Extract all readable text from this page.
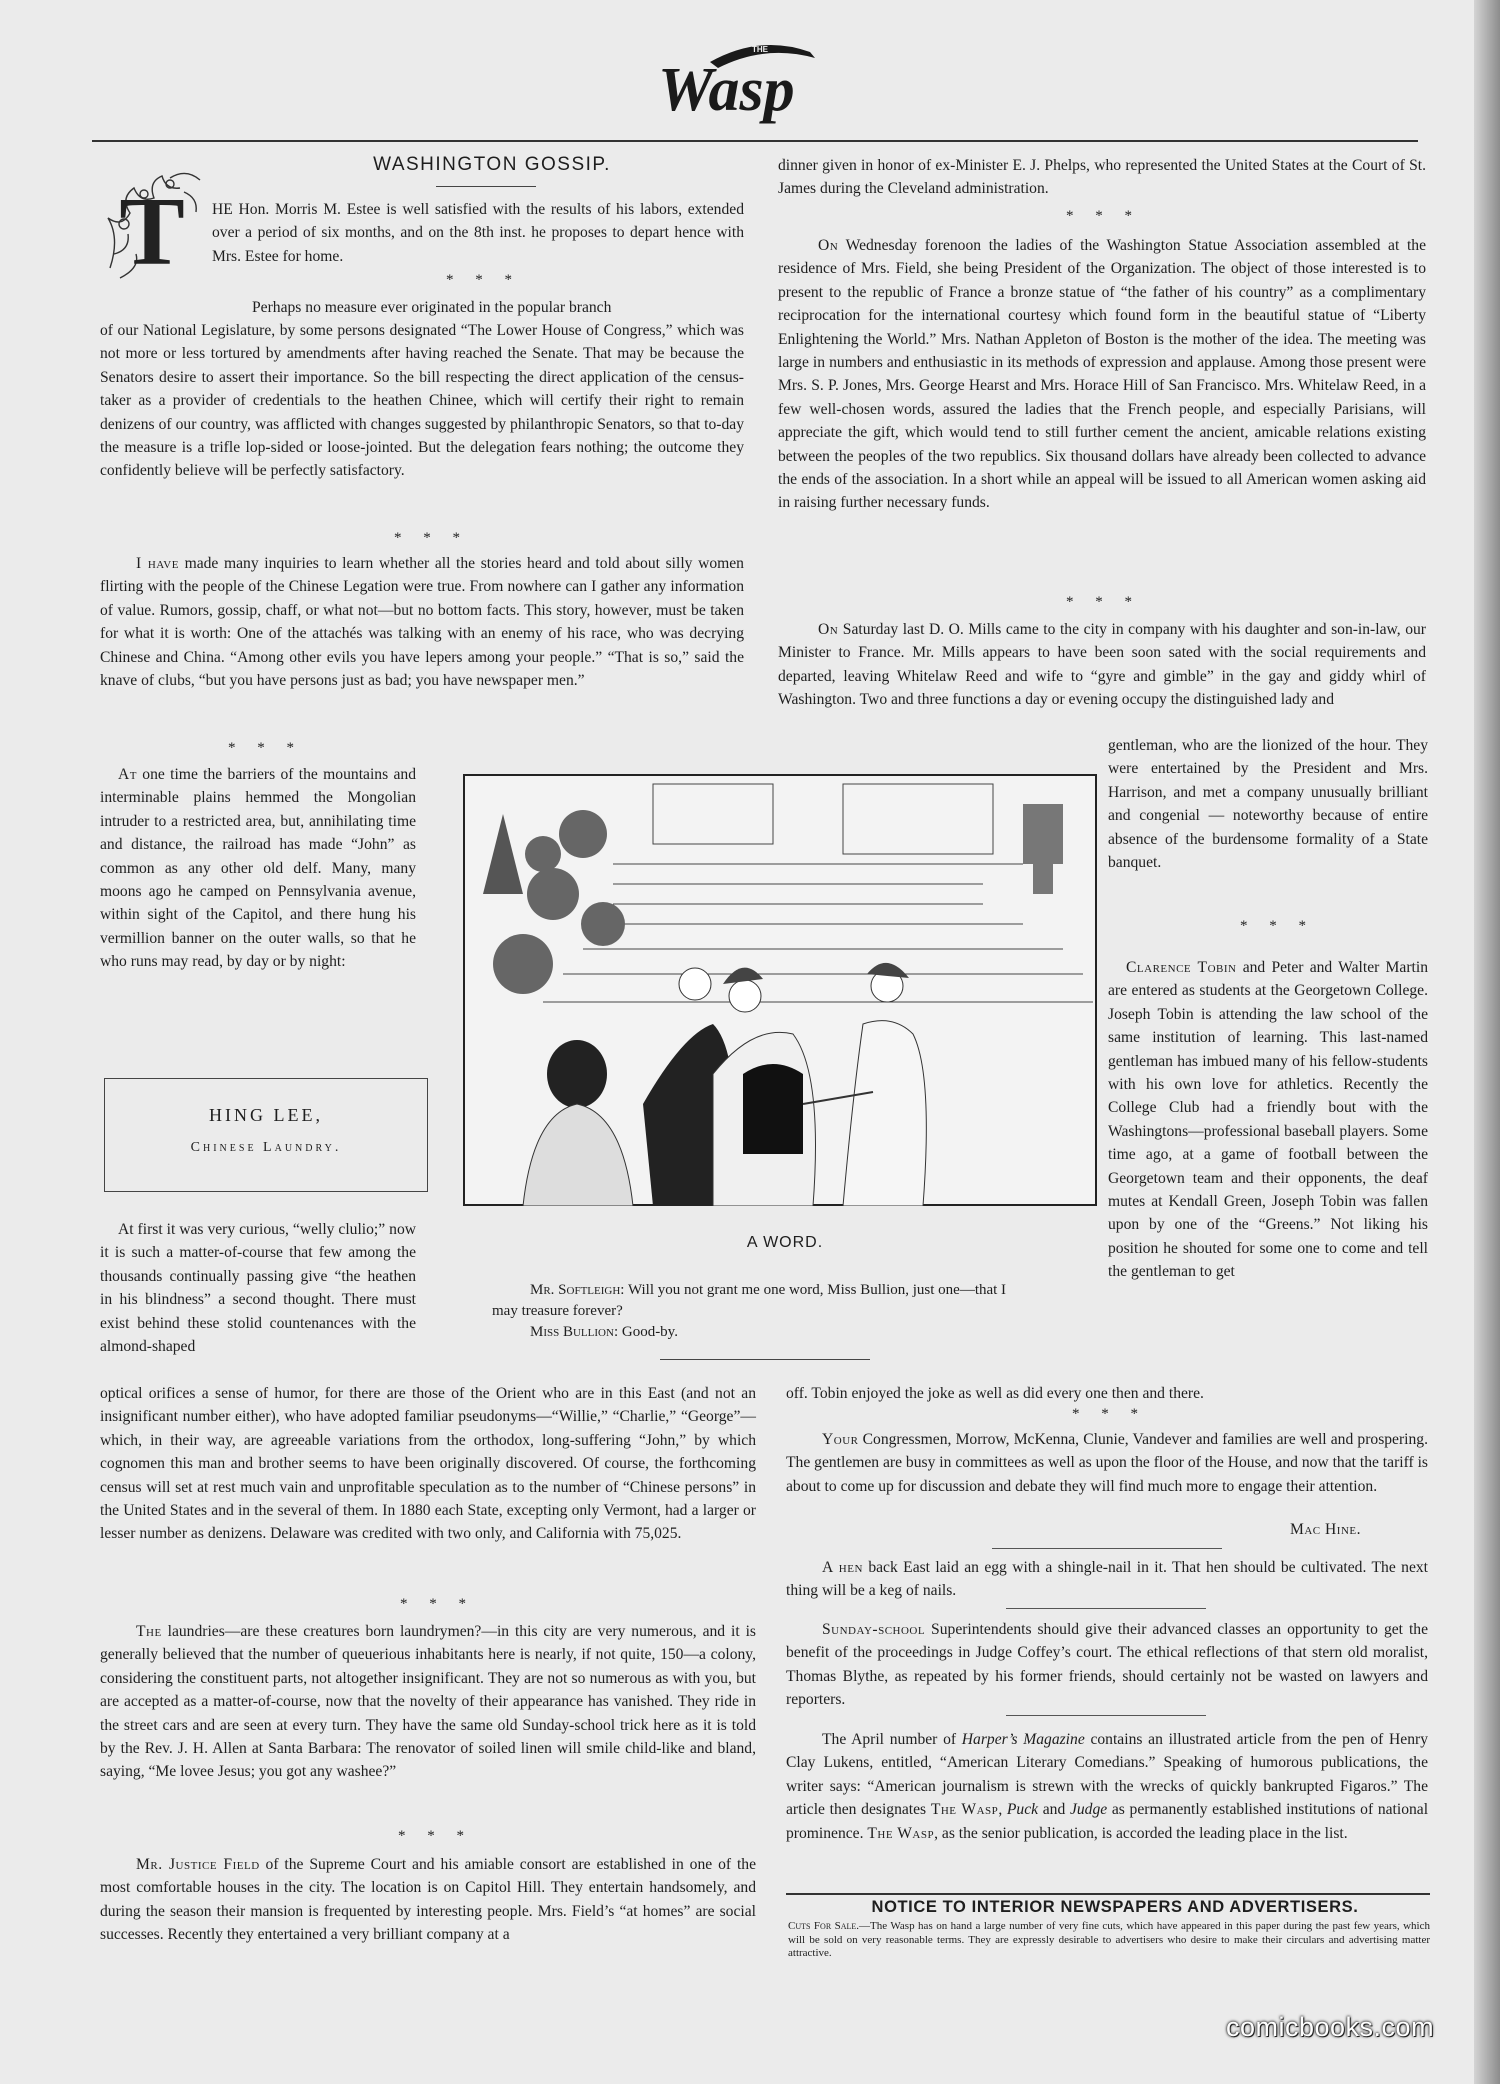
THE
Wasp
WASHINGTON GOSSIP.
T HE Hon. Morris M. Estee is well satisfied with the results of his labors, extended over a period of six months, and on the 8th inst. he proposes to depart hence with Mrs. Estee for home.

* * *

Perhaps no measure ever originated in the popular branch

of our National Legislature, by some persons designated “The Lower House of Congress,” which was not more or less tortured by amendments after having reached the Senate. That may be because the Senators desire to assert their importance. So the bill respecting the direct application of the census-taker as a provider of credentials to the heathen Chinee, which will certify their right to remain denizens of our country, was afflicted with changes suggested by philanthropic Senators, so that to-day the measure is a trifle lop-sided or loose-jointed. But the delegation fears nothing; the outcome they confidently believe will be perfectly satisfactory.

* * *

I have made many inquiries to learn whether all the stories heard and told about silly women flirting with the people of the Chinese Legation were true. From nowhere can I gather any information of value. Rumors, gossip, chaff, or what not—but no bottom facts. This story, however, must be taken for what it is worth: One of the attachés was talking with an enemy of his race, who was decrying Chinese and China. “Among other evils you have lepers among your people.” “That is so,” said the knave of clubs, “but you have persons just as bad; you have newspaper men.”

* * *

At one time the barriers of the mountains and interminable plains hemmed the Mongolian intruder to a restricted area, but, annihilating time and distance, the railroad has made “John” as common as any other old delf. Many, many moons ago he camped on Pennsylvania avenue, within sight of the Capitol, and there hung his vermillion banner on the outer walls, so that he who runs may read, by day or by night:

HING LEE,
Chinese Laundry.

At first it was very curious, “welly clulio;” now it is such a matter-of-course that few among the thousands continually passing give “the heathen in his blindness” a second thought. There must exist behind these stolid countenances with the almond-shaped

optical orifices a sense of humor, for there are those of the Orient who are in this East (and not an insignificant number either), who have adopted familiar pseudonyms—“Willie,” “Charlie,” “George”—which, in their way, are agreeable variations from the orthodox, long-suffering “John,” by which cognomen this man and brother seems to have been originally discovered. Of course, the forthcoming census will set at rest much vain and unprofitable speculation as to the number of “Chinese persons” in the United States and in the several of them. In 1880 each State, excepting only Vermont, had a larger or lesser number as denizens. Delaware was credited with two only, and California with 75,025.

* * *

The laundries—are these creatures born laundrymen?—in this city are very numerous, and it is generally believed that the number of queuerious inhabitants here is nearly, if not quite, 150—a colony, considering the constituent parts, not altogether insignificant. They are not so numerous as with you, but are accepted as a matter-of-course, now that the novelty of their appearance has vanished. They ride in the street cars and are seen at every turn. They have the same old Sunday-school trick here as it is told by the Rev. J. H. Allen at Santa Barbara: The renovator of soiled linen will smile child-like and bland, saying, “Me lovee Jesus; you got any washee?”

* * *

Mr. Justice Field of the Supreme Court and his amiable consort are established in one of the most comfortable houses in the city. The location is on Capitol Hill. They entertain handsomely, and during the season their mansion is frequented by interesting people. Mrs. Field’s “at homes” are social successes. Recently they entertained a very brilliant company at a

A WORD.
Mr. Softleigh: Will you not grant me one word, Miss Bullion, just one—that I may treasure forever?
Miss Bullion: Good-by.

dinner given in honor of ex-Minister E. J. Phelps, who represented the United States at the Court of St. James during the Cleveland administration.

* * *

On Wednesday forenoon the ladies of the Washington Statue Association assembled at the residence of Mrs. Field, she being President of the Organization. The object of those interested is to present to the republic of France a bronze statue of “the father of his country” as a complimentary reciprocation for the international courtesy which found form in the beautiful statue of “Liberty Enlightening the World.” Mrs. Nathan Appleton of Boston is the mother of the idea. The meeting was large in numbers and enthusiastic in its methods of expression and applause. Among those present were Mrs. S. P. Jones, Mrs. George Hearst and Mrs. Horace Hill of San Francisco. Mrs. Whitelaw Reed, in a few well-chosen words, assured the ladies that the French people, and especially Parisians, will appreciate the gift, which would tend to still further cement the ancient, amicable relations existing between the peoples of the two republics. Six thousand dollars have already been collected to advance the ends of the association. In a short while an appeal will be issued to all American women asking aid in raising further necessary funds.

* * *

On Saturday last D. O. Mills came to the city in company with his daughter and son-in-law, our Minister to France. Mr. Mills appears to have been soon sated with the social requirements and departed, leaving Whitelaw Reed and wife to “gyre and gimble” in the gay and giddy whirl of Washington. Two and three functions a day or evening occupy the distinguished lady and

gentleman, who are the lionized of the hour. They were entertained by the President and Mrs. Harrison, and met a company unusually brilliant and congenial — noteworthy because of entire absence of the burdensome formality of a State banquet.

* * *

Clarence Tobin and Peter and Walter Martin are entered as students at the Georgetown College. Joseph Tobin is attending the law school of the same institution of learning. This last-named gentleman has imbued many of his fellow-students with his own love for athletics. Recently the College Club had a friendly bout with the Washingtons—professional baseball players. Some time ago, at a game of football between the Georgetown team and their opponents, the deaf mutes at Kendall Green, Joseph Tobin was fallen upon by one of the “Greens.” Not liking his position he shouted for some one to come and tell the gentleman to get

off. Tobin enjoyed the joke as well as did every one then and there.

* * *

Your Congressmen, Morrow, McKenna, Clunie, Vandever and families are well and prospering. The gentlemen are busy in committees as well as upon the floor of the House, and now that the tariff is about to come up for discussion and debate they will find much more to engage their attention.

Mac Hine.

A hen back East laid an egg with a shingle-nail in it. That hen should be cultivated. The next thing will be a keg of nails.

Sunday-school Superintendents should give their advanced classes an opportunity to get the benefit of the proceedings in Judge Coffey’s court. The ethical reflections of that stern old moralist, Thomas Blythe, as repeated by his former friends, should certainly not be wasted on lawyers and reporters.

The April number of Harper’s Magazine contains an illustrated article from the pen of Henry Clay Lukens, entitled, “American Literary Comedians.” Speaking of humorous publications, the writer says: “American journalism is strewn with the wrecks of quickly bankrupted Figaros.” The article then designates The Wasp, Puck and Judge as permanently established institutions of national prominence. The Wasp, as the senior publication, is accorded the leading place in the list.

NOTICE TO INTERIOR NEWSPAPERS AND ADVERTISERS.
Cuts For Sale.—The Wasp has on hand a large number of very fine cuts, which have appeared in this paper during the past few years, which will be sold on very reasonable terms. They are expressly desirable to advertisers who desire to make their circulars and advertising matter attractive.
comicbooks.com
